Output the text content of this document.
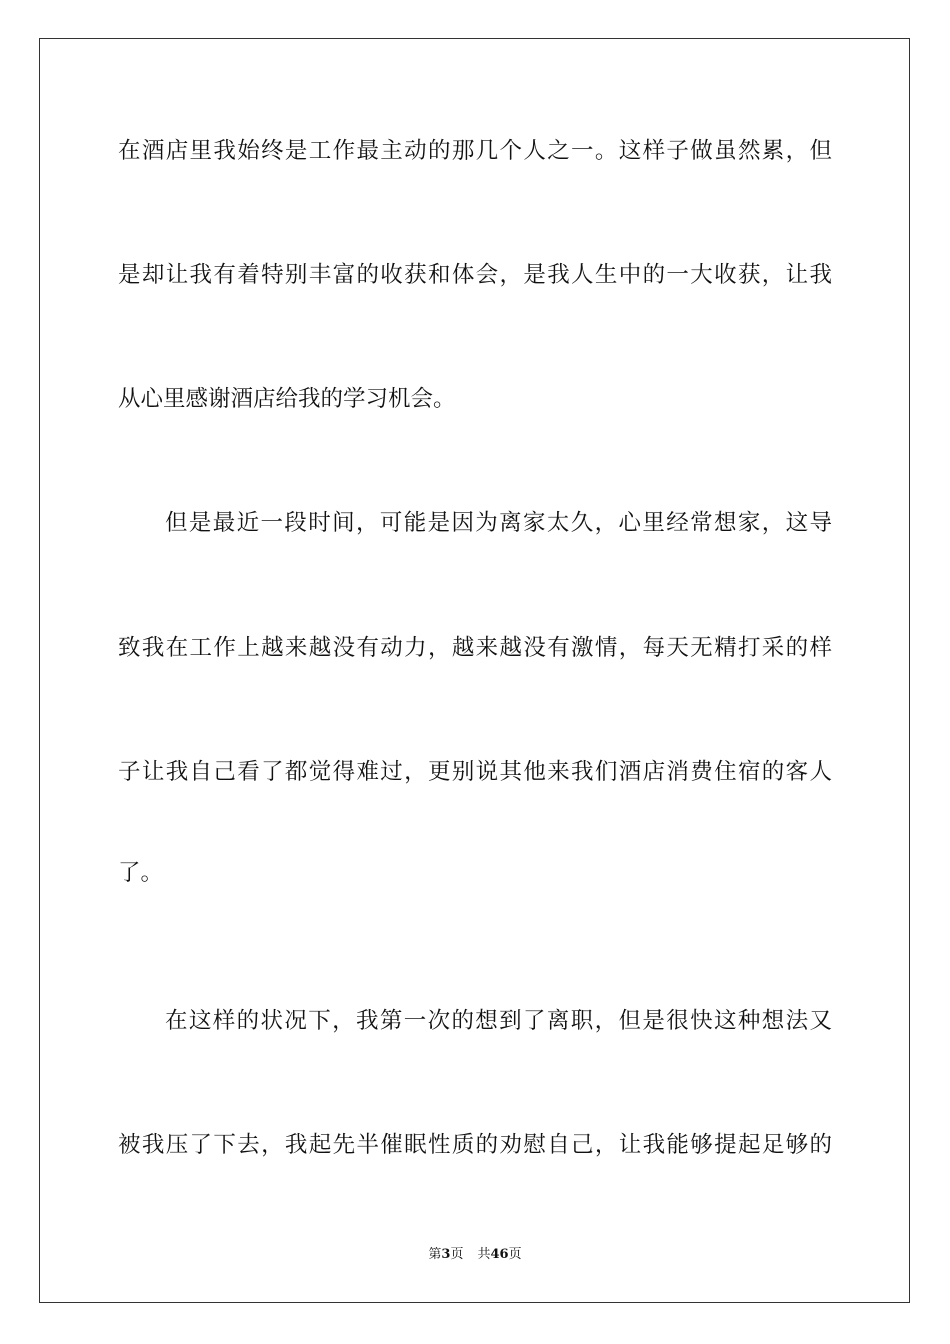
在酒店里我始终是工作最主动的那几个人之一。这样子做虽然累，但
是却让我有着特别丰富的收获和体会，是我人生中的一大收获，让我
从心里感谢酒店给我的学习机会。
但是最近一段时间，可能是因为离家太久，心里经常想家，这导
致我在工作上越来越没有动力，越来越没有激情，每天无精打采的样
子让我自己看了都觉得难过，更别说其他来我们酒店消费住宿的客人
了。
在这样的状况下，我第一次的想到了离职，但是很快这种想法又
被我压了下去，我起先半催眠性质的劝慰自己，让我能够提起足够的
第3页 共46页
